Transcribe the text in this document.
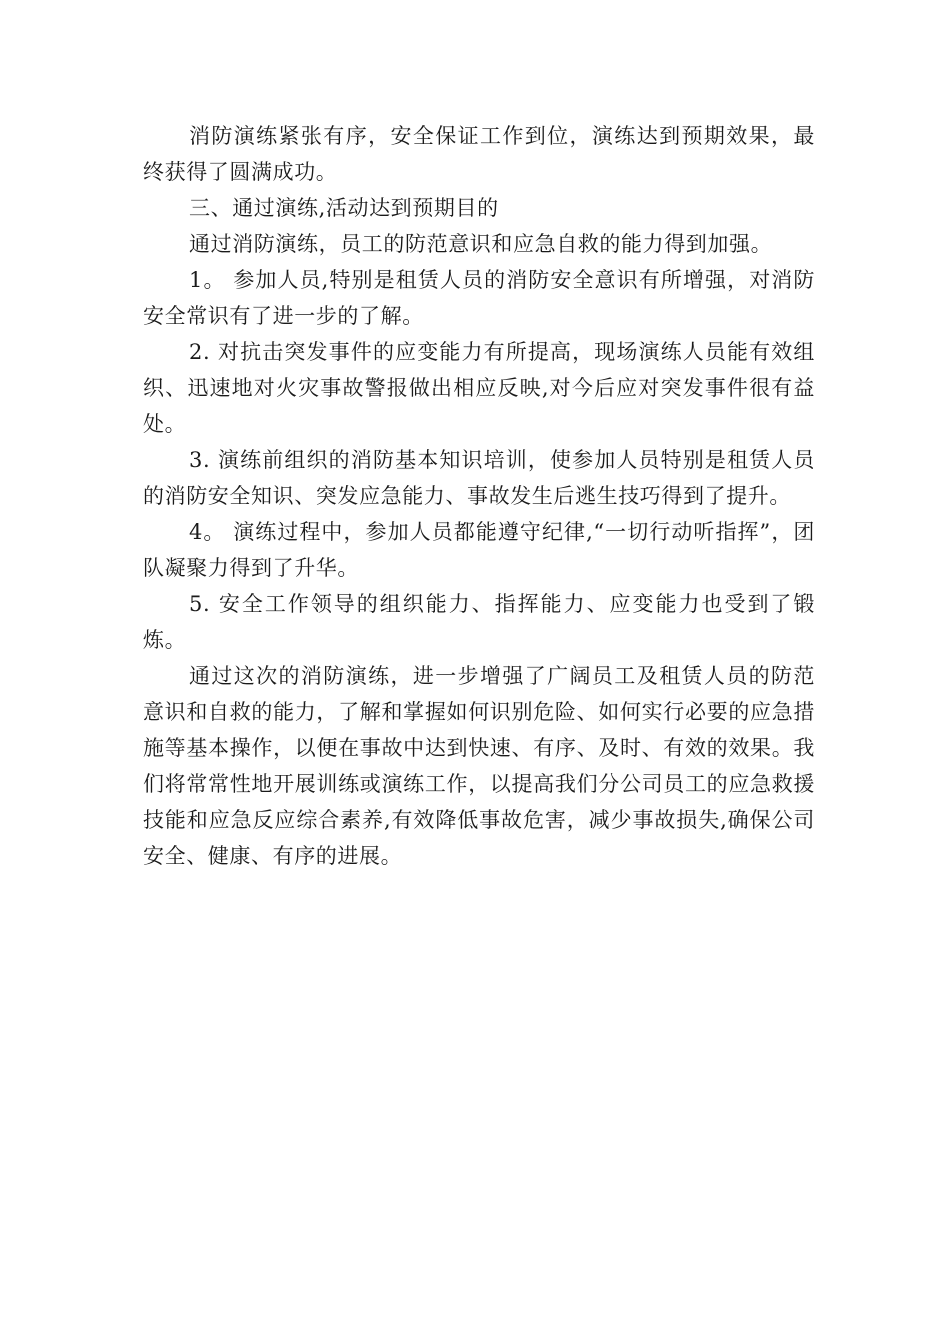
消防演练紧张有序，安全保证工作到位，演练达到预期效果，最终获得了圆满成功。

三、通过演练,活动达到预期目的

通过消防演练，员工的防范意识和应急自救的能力得到加强。

1。 参加人员,特别是租赁人员的消防安全意识有所增强，对消防安全常识有了进一步的了解。

2. 对抗击突发事件的应变能力有所提高，现场演练人员能有效组织、迅速地对火灾事故警报做出相应反映,对今后应对突发事件很有益处。

3. 演练前组织的消防基本知识培训，使参加人员特别是租赁人员的消防安全知识、突发应急能力、事故发生后逃生技巧得到了提升。

4。 演练过程中，参加人员都能遵守纪律,“一切行动听指挥”，团队凝聚力得到了升华。

5. 安全工作领导的组织能力、指挥能力、应变能力也受到了锻炼。

通过这次的消防演练，进一步增强了广阔员工及租赁人员的防范意识和自救的能力，了解和掌握如何识别危险、如何实行必要的应急措施等基本操作，以便在事故中达到快速、有序、及时、有效的效果。我们将常常性地开展训练或演练工作，以提高我们分公司员工的应急救援技能和应急反应综合素养,有效降低事故危害，减少事故损失,确保公司安全、健康、有序的进展。
